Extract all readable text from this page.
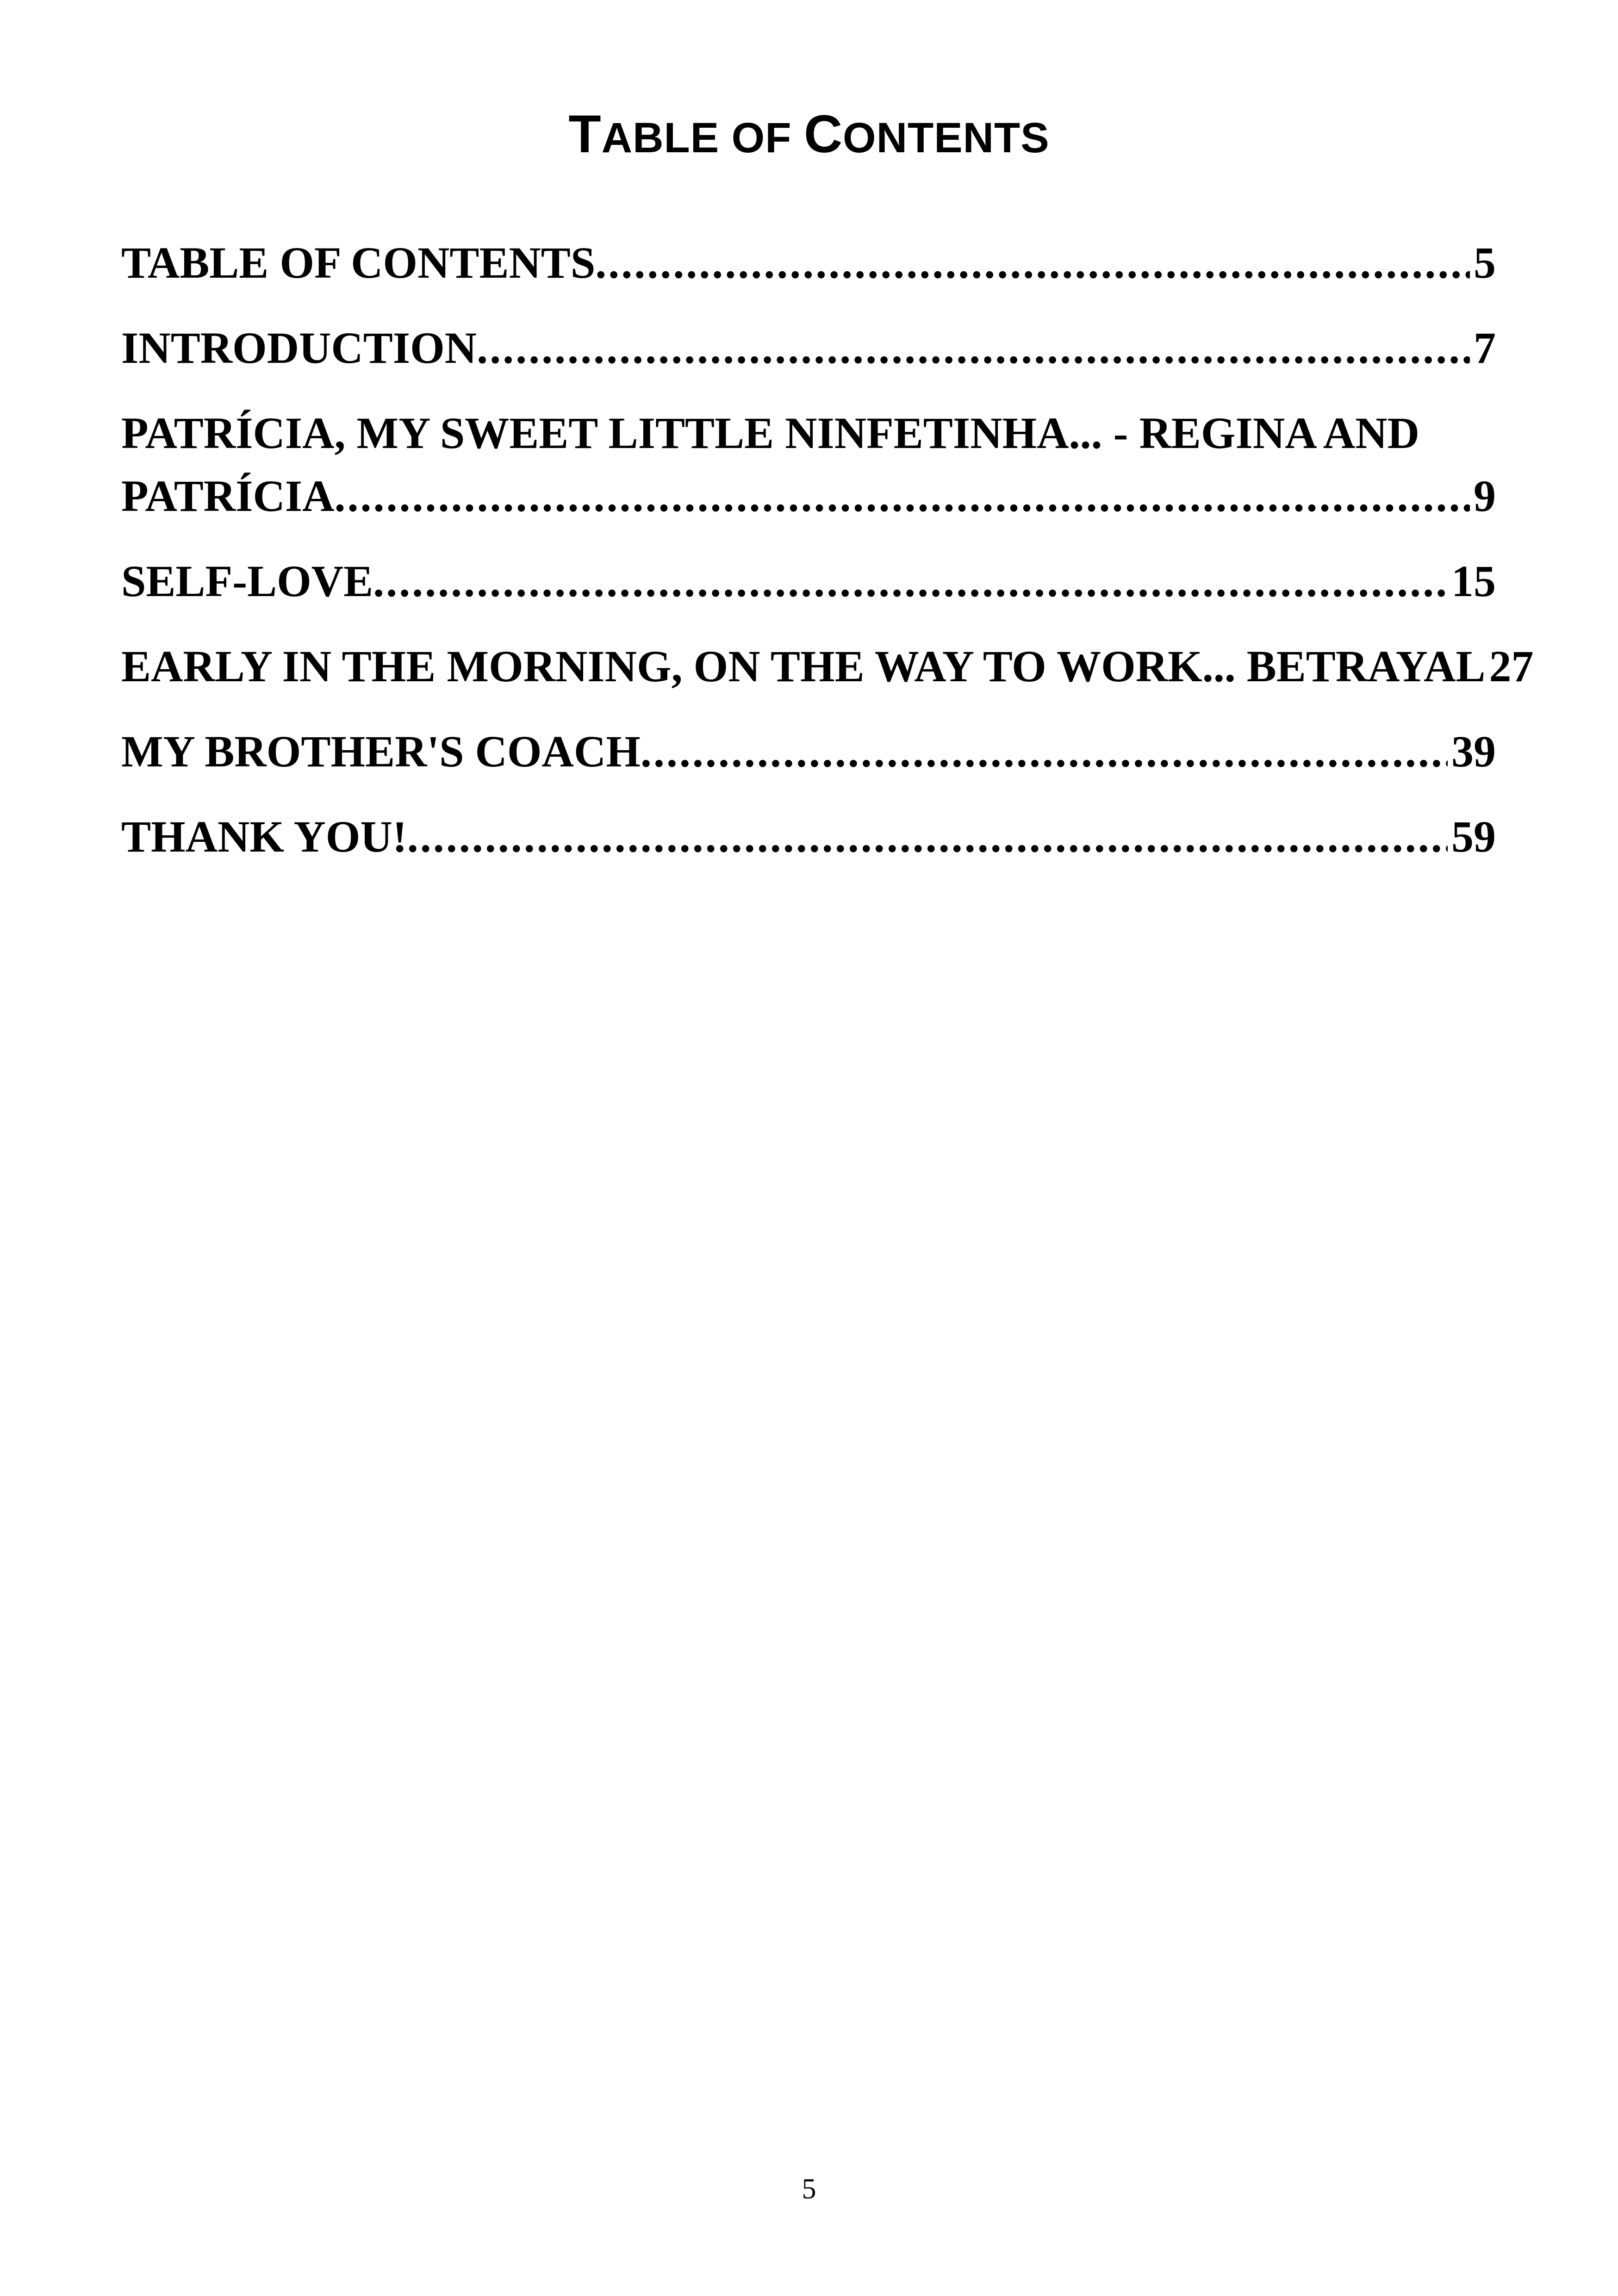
TABLE OF CONTENTS
TABLE OF CONTENTS .....	5
INTRODUCTION .....	7
PATRÍCIA, MY SWEET LITTLE NINFETINHA... - REGINA AND
PATRÍCIA .....	9
SELF-LOVE .....	15
EARLY IN THE MORNING, ON THE WAY TO WORK... BETRAYAL 27
MY BROTHER'S COACH .....	39
THANK YOU! .....	59
5
